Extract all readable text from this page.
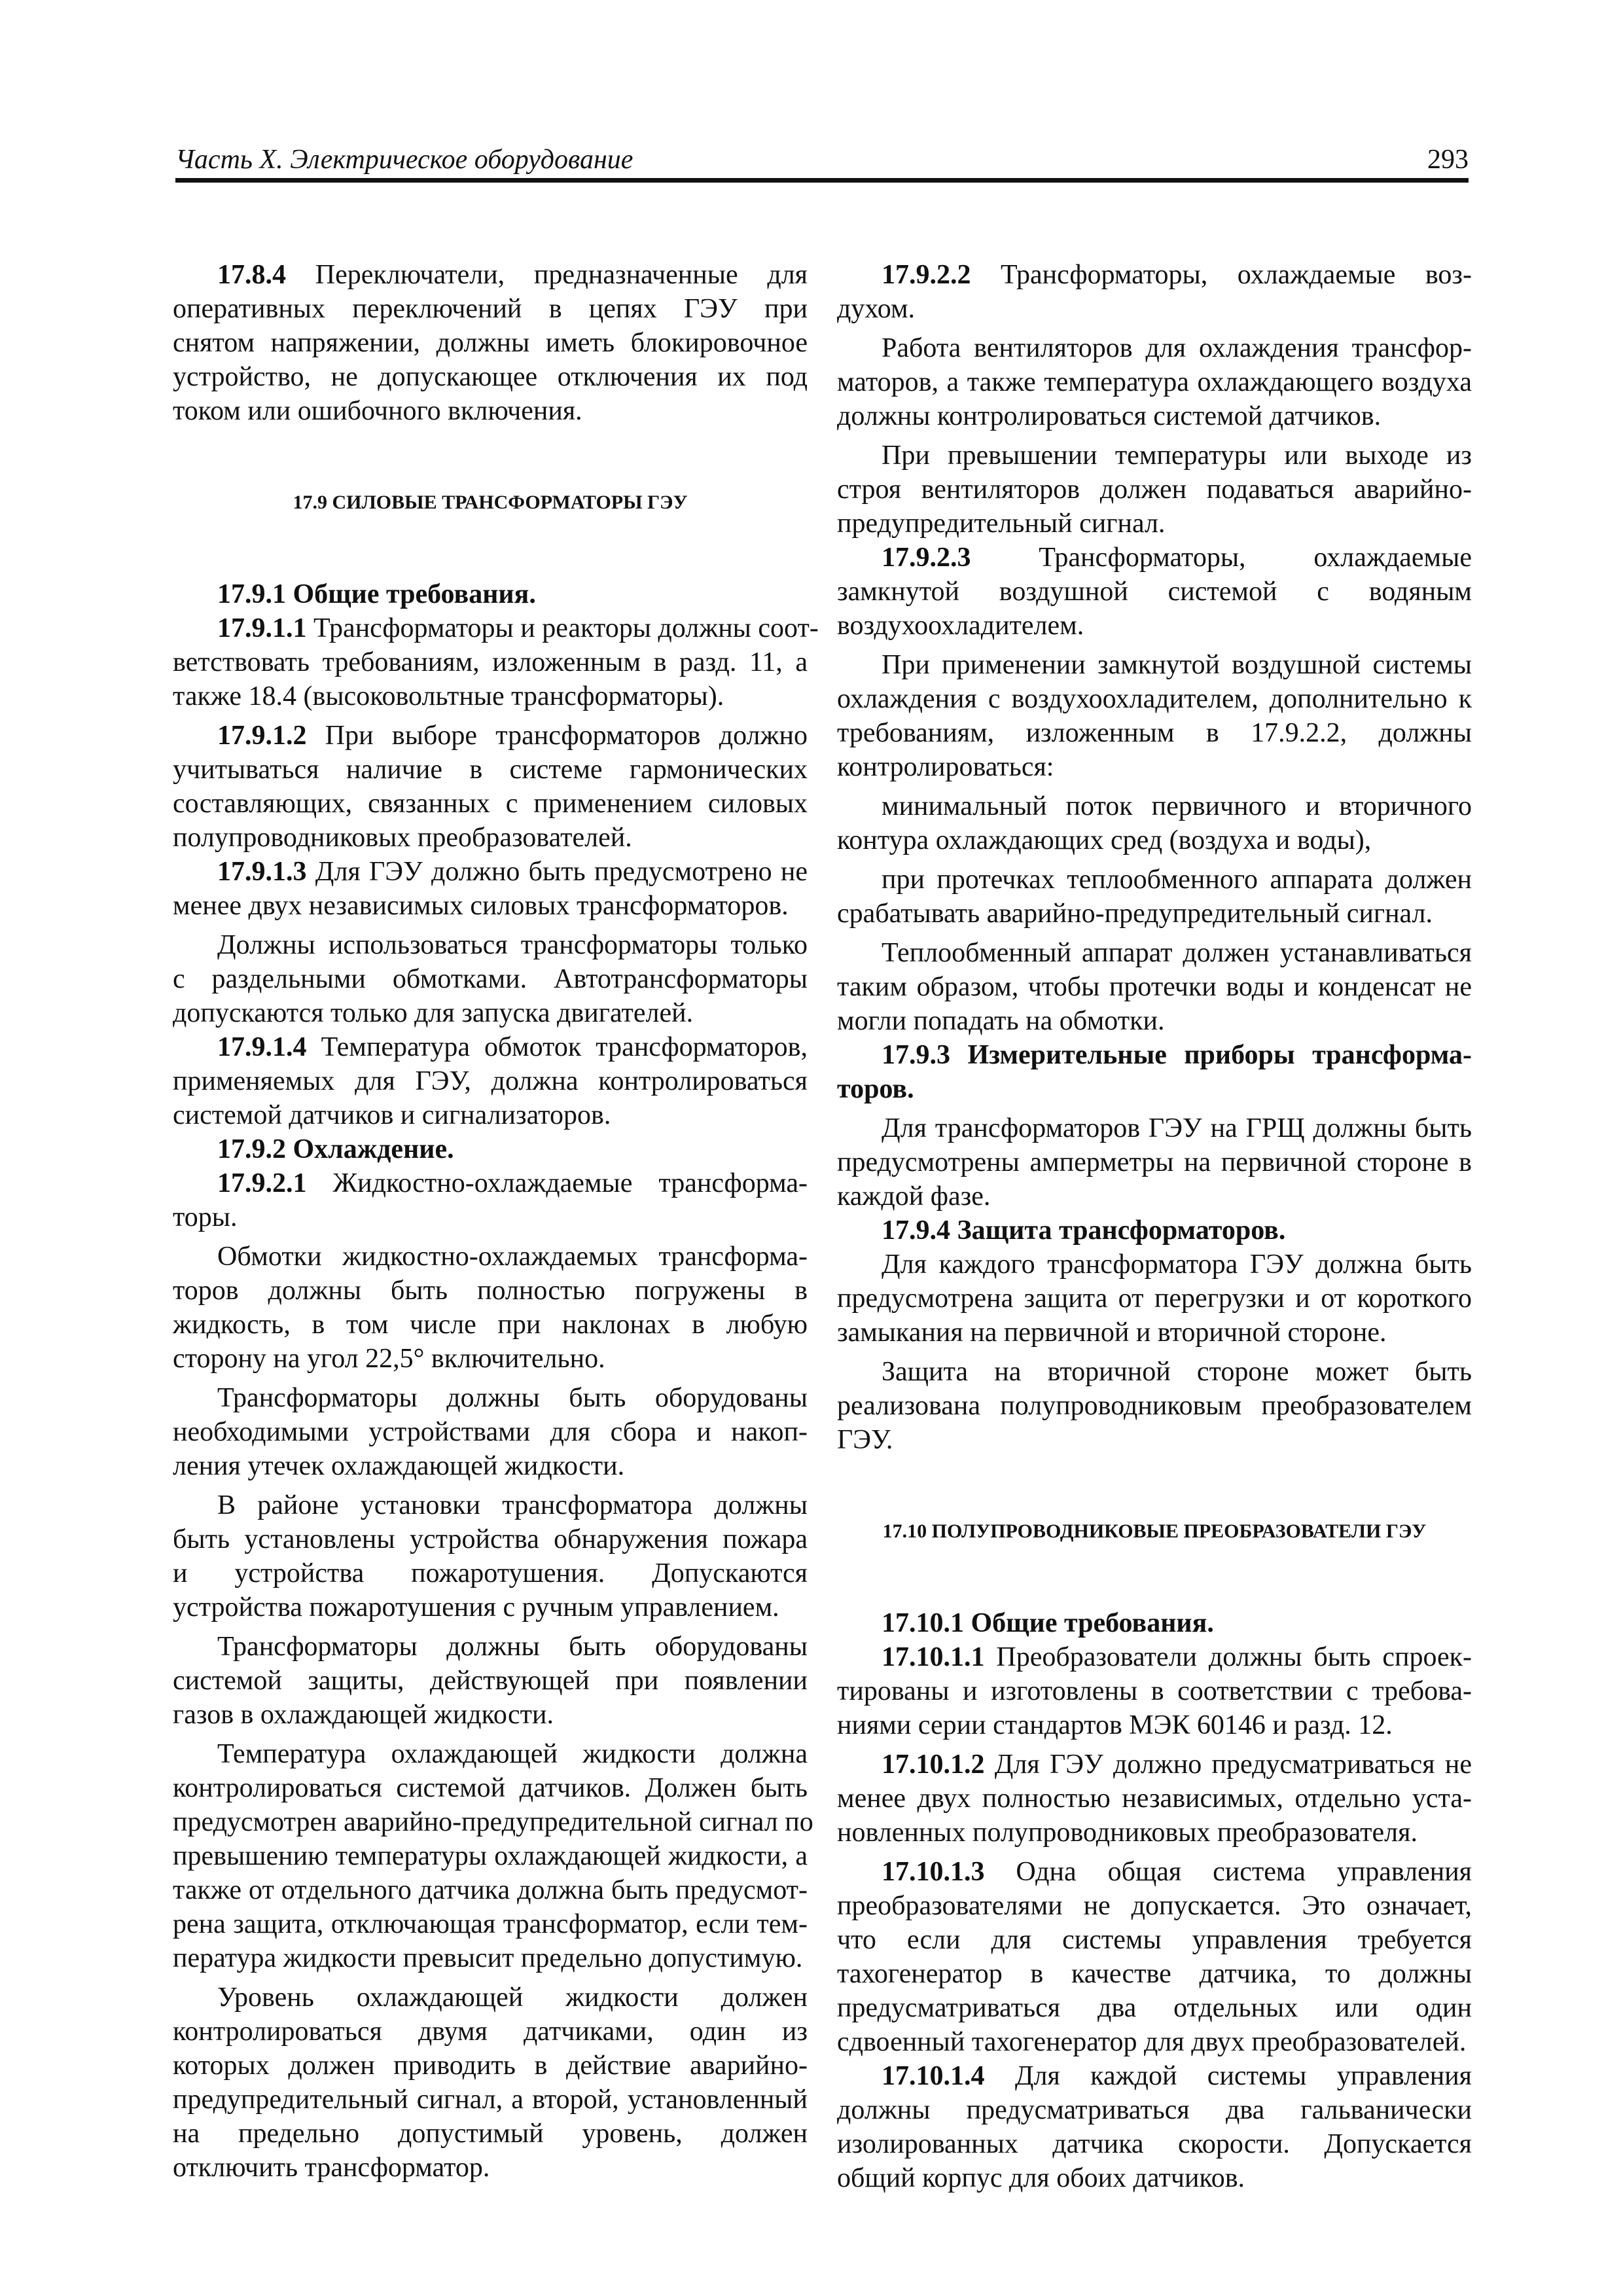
Часть X. Электрическое оборудование	293
17.8.4 Переключатели, предназначенные для
оперативных переключений в цепях ГЭУ при
снятом напряжении, должны иметь блокировочное
устройство, не допускающее отключения их под
током или ошибочного включения.
17.9 СИЛОВЫЕ ТРАНСФОРМАТОРЫ ГЭУ
17.9.1 Общие требования.
17.9.1.1 Трансформаторы и реакторы должны соот-
ветствовать требованиям, изложенным в разд. 11, а
также 18.4 (высоковольтные трансформаторы).
17.9.1.2 При выборе трансформаторов должно
учитываться наличие в системе гармонических
составляющих, связанных с применением силовых
полупроводниковых преобразователей.
17.9.1.3 Для ГЭУ должно быть предусмотрено не
менее двух независимых силовых трансформаторов.
Должны использоваться трансформаторы только
с раздельными обмотками. Автотрансформаторы
допускаются только для запуска двигателей.
17.9.1.4 Температура обмоток трансформаторов,
применяемых для ГЭУ, должна контролироваться
системой датчиков и сигнализаторов.
17.9.2 Охлаждение.
17.9.2.1 Жидкостно-охлаждаемые трансформа-
торы.
Обмотки жидкостно-охлаждаемых трансформа-
торов должны быть полностью погружены в
жидкость, в том числе при наклонах в любую
сторону на угол 22,5° включительно.
Трансформаторы должны быть оборудованы
необходимыми устройствами для сбора и накоп-
ления утечек охлаждающей жидкости.
В районе установки трансформатора должны
быть установлены устройства обнаружения пожара
и устройства пожаротушения. Допускаются
устройства пожаротушения с ручным управлением.
Трансформаторы должны быть оборудованы
системой защиты, действующей при появлении
газов в охлаждающей жидкости.
Температура охлаждающей жидкости должна
контролироваться системой датчиков. Должен быть
предусмотрен аварийно-предупредительной сигнал по
превышению температуры охлаждающей жидкости, а
также от отдельного датчика должна быть предусмот-
рена защита, отключающая трансформатор, если тем-
пература жидкости превысит предельно допустимую.
Уровень охлаждающей жидкости должен
контролироваться двумя датчиками, один из
которых должен приводить в действие аварийно-
предупредительный сигнал, а второй, установленный
на предельно допустимый уровень, должен
отключить трансформатор.
17.9.2.2 Трансформаторы, охлаждаемые воз-
духом.
Работа вентиляторов для охлаждения трансфор-
маторов, а также температура охлаждающего воздуха
должны контролироваться системой датчиков.
При превышении температуры или выходе из
строя вентиляторов должен подаваться аварийно-
предупредительный сигнал.
17.9.2.3 Трансформаторы, охлаждаемые
замкнутой воздушной системой с водяным
воздухоохладителем.
При применении замкнутой воздушной системы
охлаждения с воздухоохладителем, дополнительно к
требованиям, изложенным в 17.9.2.2, должны
контролироваться:
минимальный поток первичного и вторичного
контура охлаждающих сред (воздуха и воды),
при протечках теплообменного аппарата должен
срабатывать аварийно-предупредительный сигнал.
Теплообменный аппарат должен устанавливаться
таким образом, чтобы протечки воды и конденсат не
могли попадать на обмотки.
17.9.3 Измерительные приборы трансформа-
торов.
Для трансформаторов ГЭУ на ГРЩ должны быть
предусмотрены амперметры на первичной стороне в
каждой фазе.
17.9.4 Защита трансформаторов.
Для каждого трансформатора ГЭУ должна быть
предусмотрена защита от перегрузки и от короткого
замыкания на первичной и вторичной стороне.
Защита на вторичной стороне может быть
реализована полупроводниковым преобразователем
ГЭУ.
17.10 ПОЛУПРОВОДНИКОВЫЕ ПРЕОБРАЗОВАТЕЛИ ГЭУ
17.10.1 Общие требования.
17.10.1.1 Преобразователи должны быть спроек-
тированы и изготовлены в соответствии с требова-
ниями серии стандартов МЭК 60146 и разд. 12.
17.10.1.2 Для ГЭУ должно предусматриваться не
менее двух полностью независимых, отдельно уста-
новленных полупроводниковых преобразователя.
17.10.1.3 Одна общая система управления
преобразователями не допускается. Это означает,
что если для системы управления требуется
тахогенератор в качестве датчика, то должны
предусматриваться два отдельных или один
сдвоенный тахогенератор для двух преобразователей.
17.10.1.4 Для каждой системы управления
должны предусматриваться два гальванически
изолированных датчика скорости. Допускается
общий корпус для обоих датчиков.
